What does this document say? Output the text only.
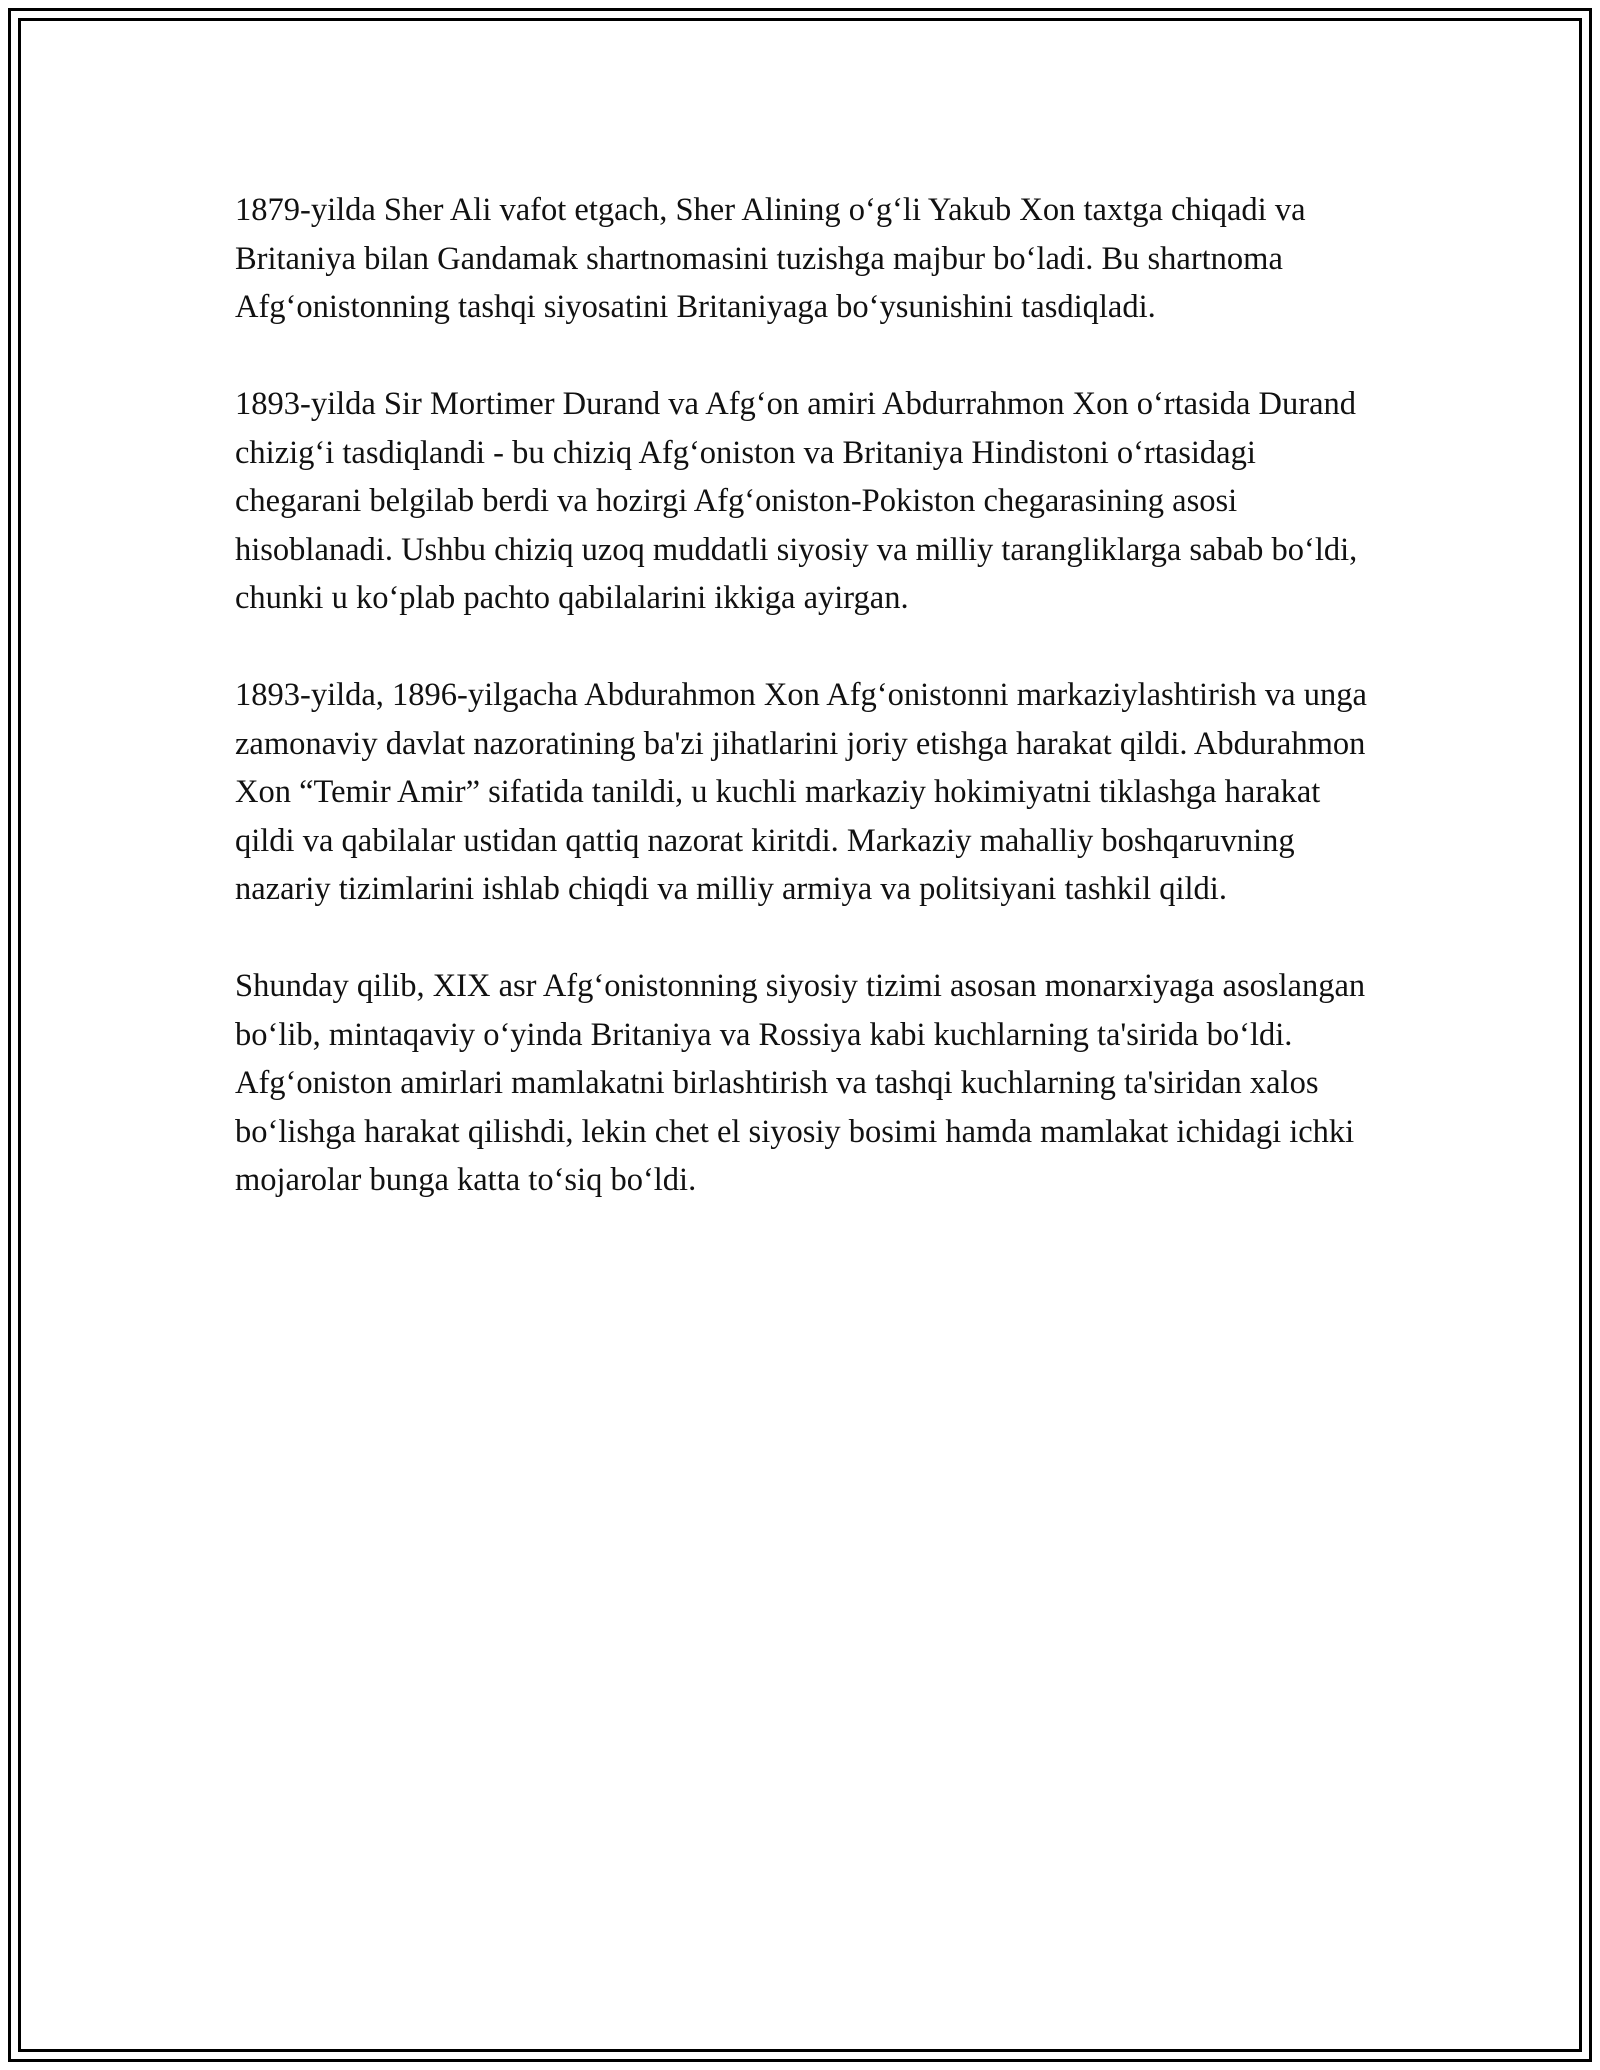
1879-yilda Sher Ali vafot etgach, Sher Alining o‘g‘li Yakub Xon taxtga chiqadi va Britaniya bilan Gandamak shartnomasini tuzishga majbur bo‘ladi. Bu shartnoma Afg‘onistonning tashqi siyosatini Britaniyaga bo‘ysunishini tasdiqladi.

1893-yilda Sir Mortimer Durand va Afg‘on amiri Abdurrahmon Xon o‘rtasida Durand chizig‘i tasdiqlandi - bu chiziq Afg‘oniston va Britaniya Hindistoni o‘rtasidagi chegarani belgilab berdi va hozirgi Afg‘oniston-Pokiston chegarasining asosi hisoblanadi. Ushbu chiziq uzoq muddatli siyosiy va milliy tarangliklarga sabab bo‘ldi, chunki u ko‘plab pachto qabilalarini ikkiga ayirgan.

1893-yilda, 1896-yilgacha Abdurahmon Xon Afg‘onistonni markaziylashtirish va unga zamonaviy davlat nazoratining ba'zi jihatlarini joriy etishga harakat qildi. Abdurahmon Xon “Temir Amir” sifatida tanildi, u kuchli markaziy hokimiyatni tiklashga harakat qildi va qabilalar ustidan qattiq nazorat kiritdi. Markaziy mahalliy boshqaruvning nazariy tizimlarini ishlab chiqdi va milliy armiya va politsiyani tashkil qildi.

Shunday qilib, XIX asr Afg‘onistonning siyosiy tizimi asosan monarxiyaga asoslangan bo‘lib, mintaqaviy o‘yinda Britaniya va Rossiya kabi kuchlarning ta'sirida bo‘ldi. Afg‘oniston amirlari mamlakatni birlashtirish va tashqi kuchlarning ta'siridan xalos bo‘lishga harakat qilishdi, lekin chet el siyosiy bosimi hamda mamlakat ichidagi ichki mojarolar bunga katta to‘siq bo‘ldi.
